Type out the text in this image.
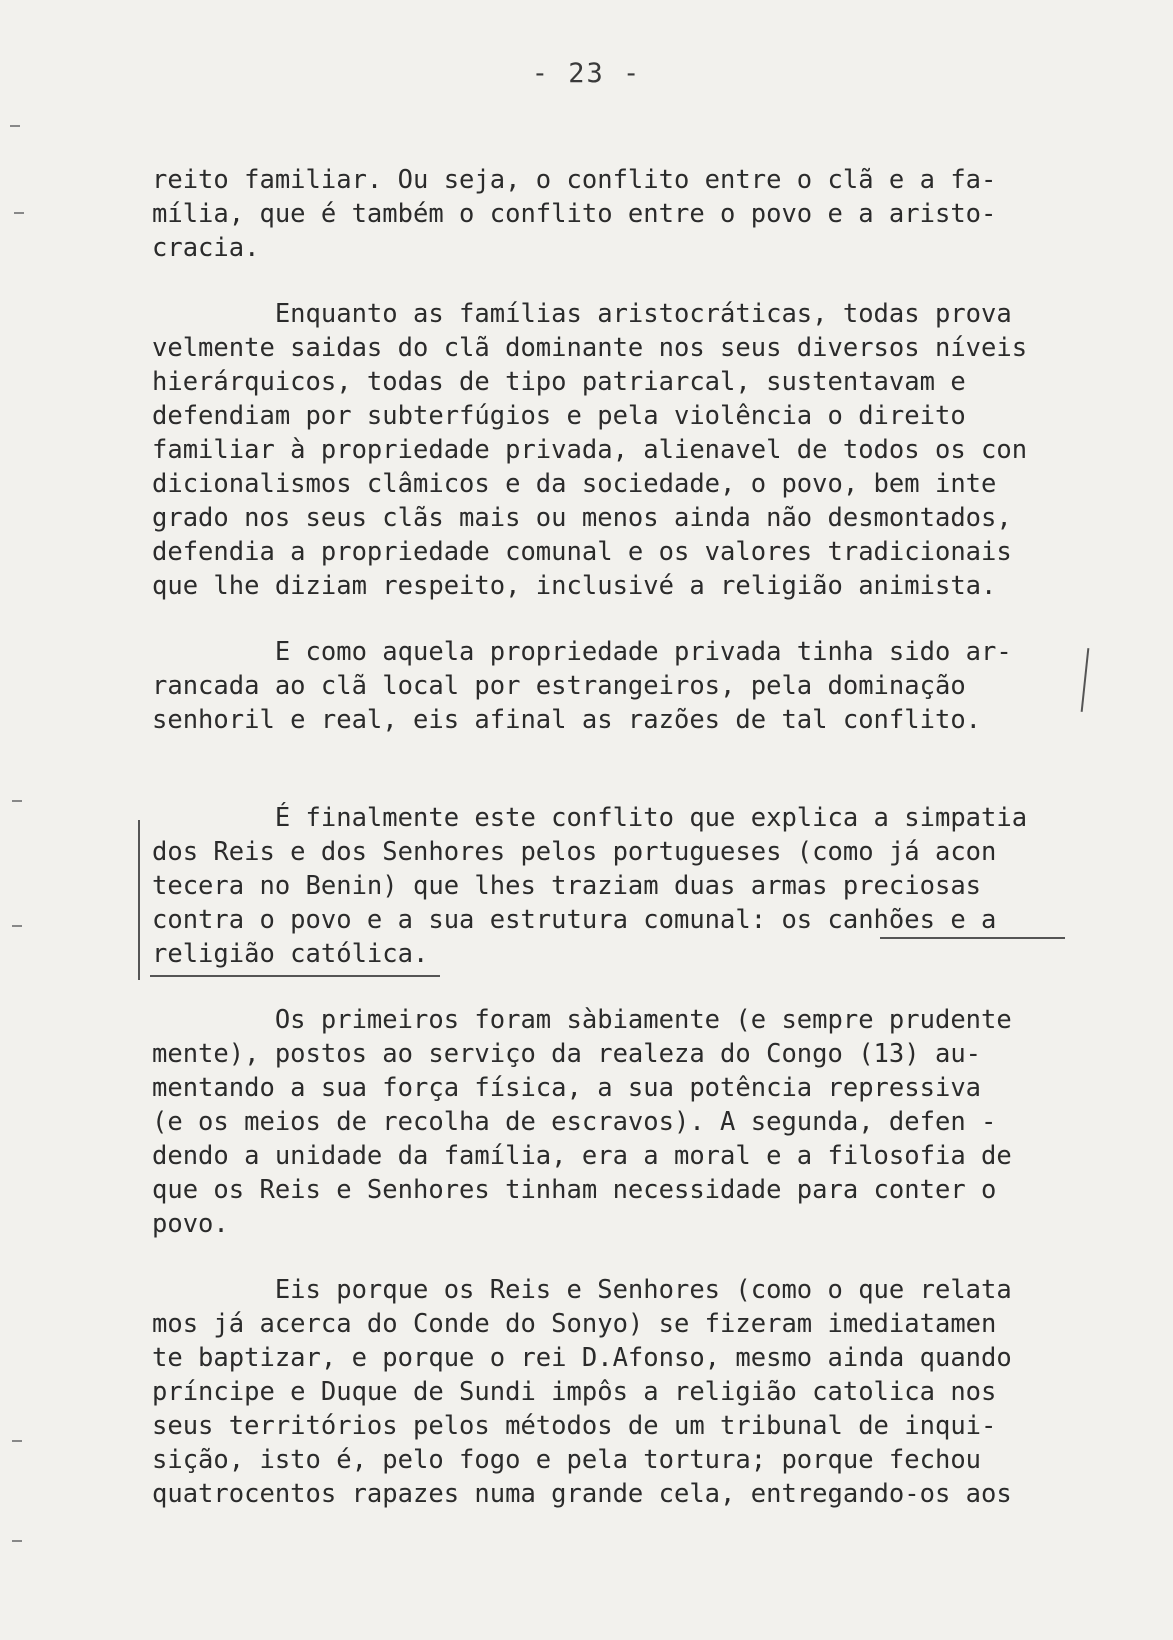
- 23 -
reito familiar. Ou seja, o conflito entre o clã e a fa-
mília, que é também o conflito entre o povo e a aristo-
cracia.
Enquanto as famílias aristocráticas, todas prova
velmente saidas do clã dominante nos seus diversos níveis
hierárquicos, todas de tipo patriarcal, sustentavam e
defendiam por subterfúgios e pela violência o direito
familiar à propriedade privada, alienavel de todos os con
dicionalismos clâmicos e da sociedade, o povo, bem inte
grado nos seus clãs mais ou menos ainda não desmontados,
defendia a propriedade comunal e os valores tradicionais
que lhe diziam respeito, inclusivé a religião animista.
E como aquela propriedade privada tinha sido ar-
rancada ao clã local por estrangeiros, pela dominação
senhoril e real, eis afinal as razões de tal conflito.
É finalmente este conflito que explica a simpatia
dos Reis e dos Senhores pelos portugueses (como já acon
tecera no Benin) que lhes traziam duas armas preciosas
contra o povo e a sua estrutura comunal: os canhões e a
religião católica.
Os primeiros foram sàbiamente (e sempre prudente
mente), postos ao serviço da realeza do Congo (13) au-
mentando a sua força física, a sua potência repressiva
(e os meios de recolha de escravos). A segunda, defen -
dendo a unidade da família, era a moral e a filosofia de
que os Reis e Senhores tinham necessidade para conter o
povo.
Eis porque os Reis e Senhores (como o que relata
mos já acerca do Conde do Sonyo) se fizeram imediatamen
te baptizar, e porque o rei D.Afonso, mesmo ainda quando
príncipe e Duque de Sundi impôs a religião catolica nos
seus territórios pelos métodos de um tribunal de inqui-
sição, isto é, pelo fogo e pela tortura; porque fechou
quatrocentos rapazes numa grande cela, entregando-os aos
